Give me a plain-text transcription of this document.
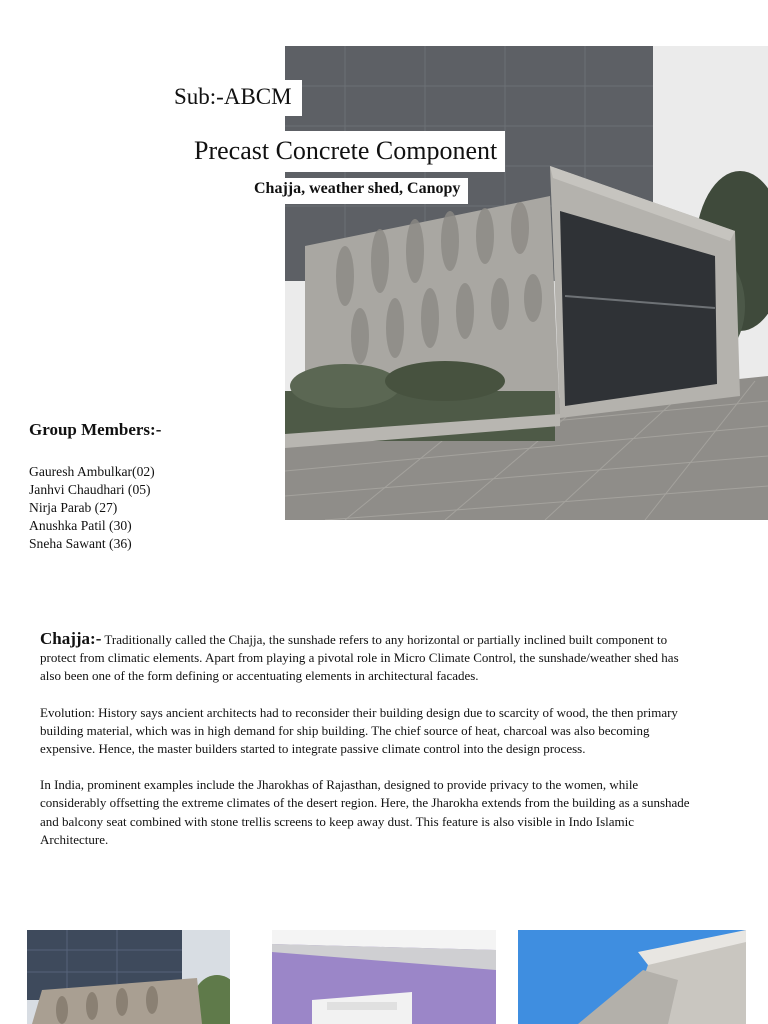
Sub:-ABCM
Precast Concrete Component
Chajja, weather shed, Canopy
Group Members:-
Gauresh Ambulkar(02)
Janhvi Chaudhari (05)
Nirja Parab (27)
Anushka Patil (30)
Sneha Sawant (36)

Chajja:- Traditionally called the Chajja, the sunshade refers to any horizontal or partially inclined built component to protect from climatic elements. Apart from playing a pivotal role in Micro Climate Control, the sunshade/weather shed has also been one of the form defining or accentuating elements in architectural facades.

Evolution: History says ancient architects had to reconsider their building design due to scarcity of wood, the then primary building material, which was in high demand for ship building. The chief source of heat, charcoal was also becoming expensive. Hence, the master builders started to integrate passive climate control into the design process.

In India, prominent examples include the Jharokhas of Rajasthan, designed to provide privacy to the women, while considerably offsetting the extreme climates of the desert region. Here, the Jharokha extends from the building as a sunshade and balcony seat combined with stone trellis screens to keep away dust. This feature is also visible in Indo Islamic Architecture.
